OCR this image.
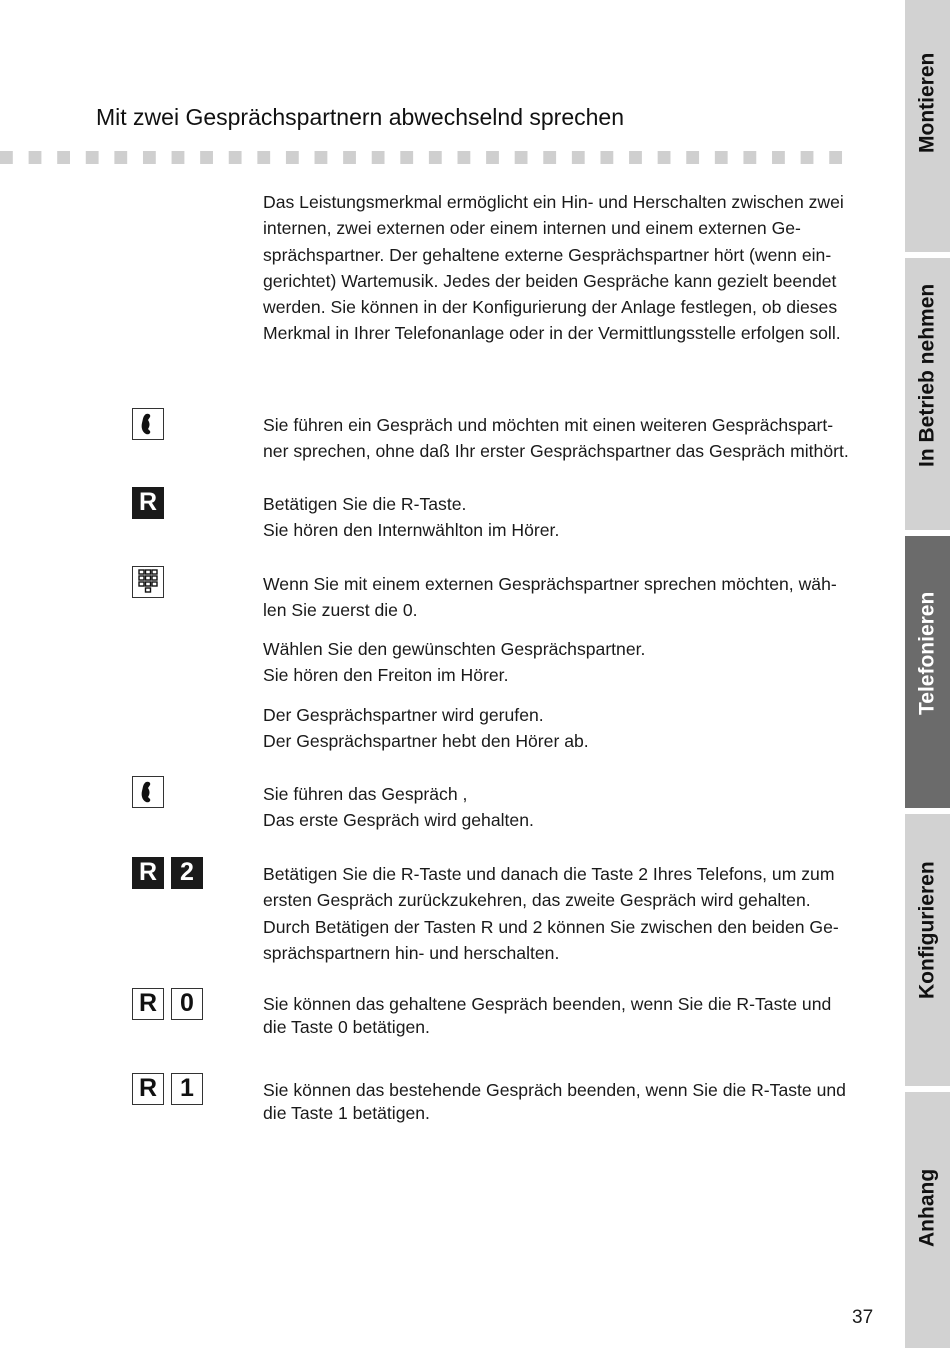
Mit zwei Gesprächspartnern abwechselnd sprechen

Das Leistungsmerkmal ermöglicht ein Hin- und Herschalten zwischen zwei
internen, zwei externen oder einem internen und einem externen Ge-
sprächspartner. Der gehaltene externe Gesprächspartner hört (wenn ein-
gerichtet) Wartemusik. Jedes der beiden Gespräche kann gezielt beendet
werden. Sie können in der Konfigurierung der Anlage festlegen, ob dieses
Merkmal in Ihrer Telefonanlage oder in der Vermittlungsstelle erfolgen soll.

Sie führen ein Gespräch und möchten mit einen weiteren Gesprächspart-
ner sprechen, ohne daß Ihr erster Gesprächspartner das Gespräch mithört.

R	Betätigen Sie die R-Taste.
Sie hören den Internwählton im Hörer.

Wenn Sie mit einem externen Gesprächspartner sprechen möchten, wäh-
len Sie zuerst die 0.

Wählen Sie den gewünschten Gesprächspartner.
Sie hören den Freiton im Hörer.

Der Gesprächspartner wird gerufen.
Der Gesprächspartner hebt den Hörer ab.

Sie führen das Gespräch ,
Das erste Gespräch wird gehalten.

R 2	Betätigen Sie die R-Taste und danach die Taste 2 Ihres Telefons, um zum
ersten Gespräch zurückzukehren, das zweite Gespräch wird gehalten.
Durch Betätigen der Tasten R und 2 können Sie zwischen den beiden Ge-
sprächspartnern hin- und herschalten.

R 0	Sie können das gehaltene Gespräch beenden, wenn Sie die R-Taste und
die Taste 0 betätigen.

R 1	Sie können das bestehende Gespräch beenden, wenn Sie die R-Taste und
die Taste 1 betätigen.

Montieren
In Betrieb nehmen
Telefonieren
Konfigurieren
Anhang
37
